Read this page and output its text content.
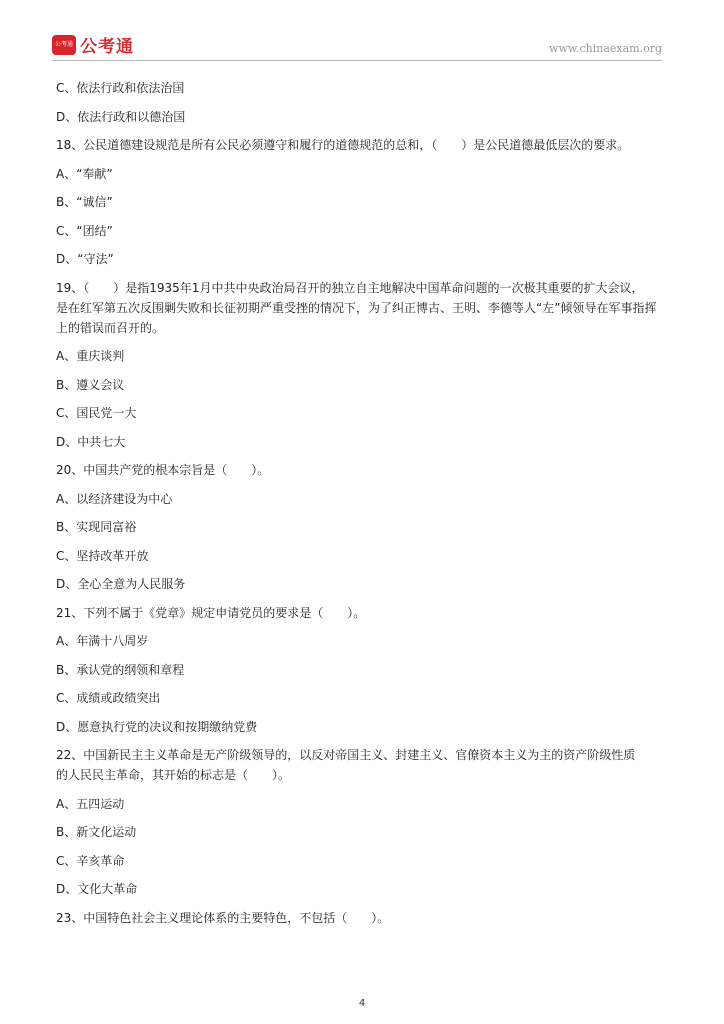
公考通 公考通	www.chinaexam.org

C、依法行政和依法治国

D、依法行政和以德治国

18、公民道德建设规范是所有公民必须遵守和履行的道德规范的总和，（　　）是公民道德最低层次的要求。

A、“奉献”

B、“诚信”

C、“团结”

D、“守法”

19、（　　）是指1935年1月中共中央政治局召开的独立自主地解决中国革命问题的一次极其重要的扩大会议，

是在红军第五次反围剿失败和长征初期严重受挫的情况下，为了纠正博古、王明、李德等人“左”倾领导在军事指挥

上的错误而召开的。

A、重庆谈判

B、遵义会议

C、国民党一大

D、中共七大

20、中国共产党的根本宗旨是（　　）。

A、以经济建设为中心

B、实现同富裕

C、坚持改革开放

D、全心全意为人民服务

21、下列不属于《党章》规定申请党员的要求是（　　）。

A、年满十八周岁

B、承认党的纲领和章程

C、成绩或政绩突出

D、愿意执行党的决议和按期缴纳党费

22、中国新民主主义革命是无产阶级领导的，以反对帝国主义、封建主义、官僚资本主义为主的资产阶级性质

的人民民主革命，其开始的标志是（　　）。

A、五四运动

B、新文化运动

C、辛亥革命

D、文化大革命

23、中国特色社会主义理论体系的主要特色，不包括（　　）。

4
